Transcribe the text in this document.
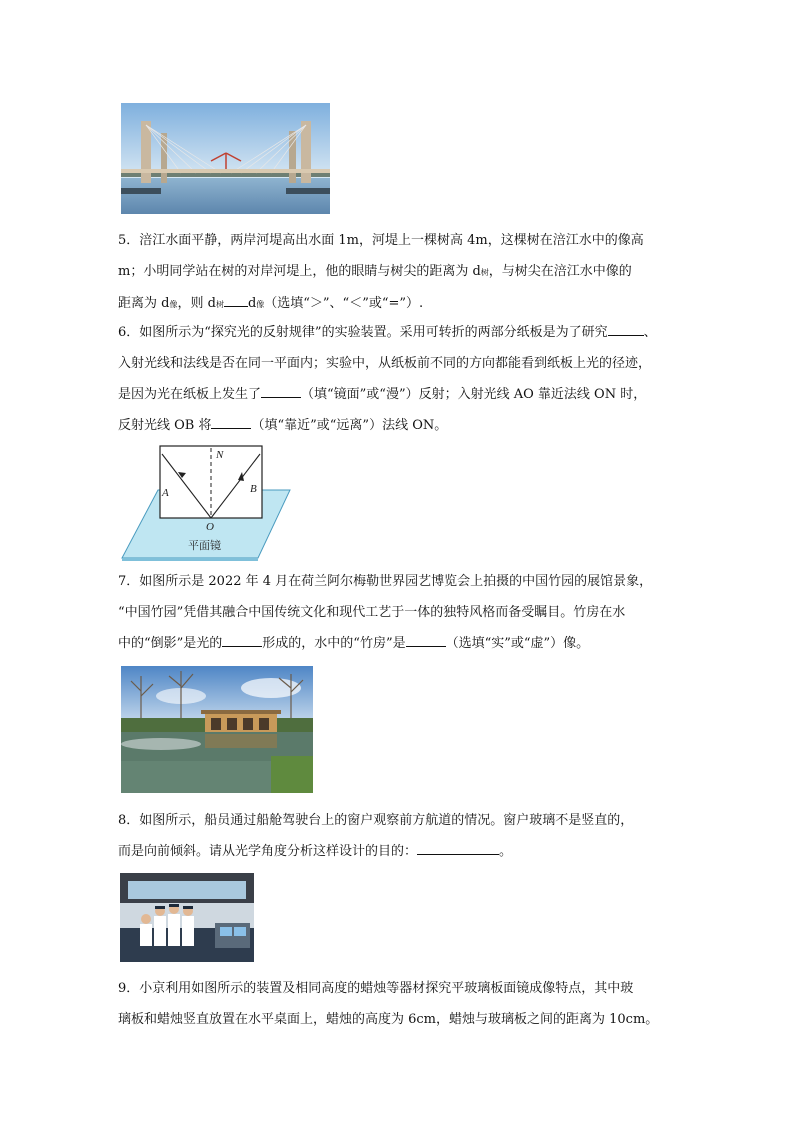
5．涪江水面平静，两岸河堤高出水面 1m，河堤上一棵树高 4m，这棵树在涪江水中的像高
m；小明同学站在树的对岸河堤上，他的眼睛与树尖的距离为 d树，与树尖在涪江水中像的
距离为 d像，则 d树 d像（选填“＞”、“＜”或“=”）.
6．如图所示为“探究光的反射规律”的实验装置。采用可转折的两部分纸板是为了研究	、
入射光线和法线是否在同一平面内；实验中，从纸板前不同的方向都能看到纸板上光的径迹，
是因为光在纸板上发生了	（填“镜面”或“漫”）反射；入射光线 AO 靠近法线 ON 时，
反射光线 OB 将	（填“靠近”或“远离”）法线 ON。
N
A	B
O
平面镜
7．如图所示是 2022 年 4 月在荷兰阿尔梅勒世界园艺博览会上拍摄的中国竹园的展馆景象，
“中国竹园”凭借其融合中国传统文化和现代工艺于一体的独特风格而备受瞩目。竹房在水
中的“倒影”是光的	形成的，水中的“竹房”是	（选填“实”或“虚”）像。
8．如图所示，船员通过船舱驾驶台上的窗户观察前方航道的情况。窗户玻璃不是竖直的，
而是向前倾斜。请从光学角度分析这样设计的目的：	。
9．小京利用如图所示的装置及相同高度的蜡烛等器材探究平玻璃板面镜成像特点，其中玻
璃板和蜡烛竖直放置在水平桌面上，蜡烛的高度为 6cm，蜡烛与玻璃板之间的距离为 10cm。
